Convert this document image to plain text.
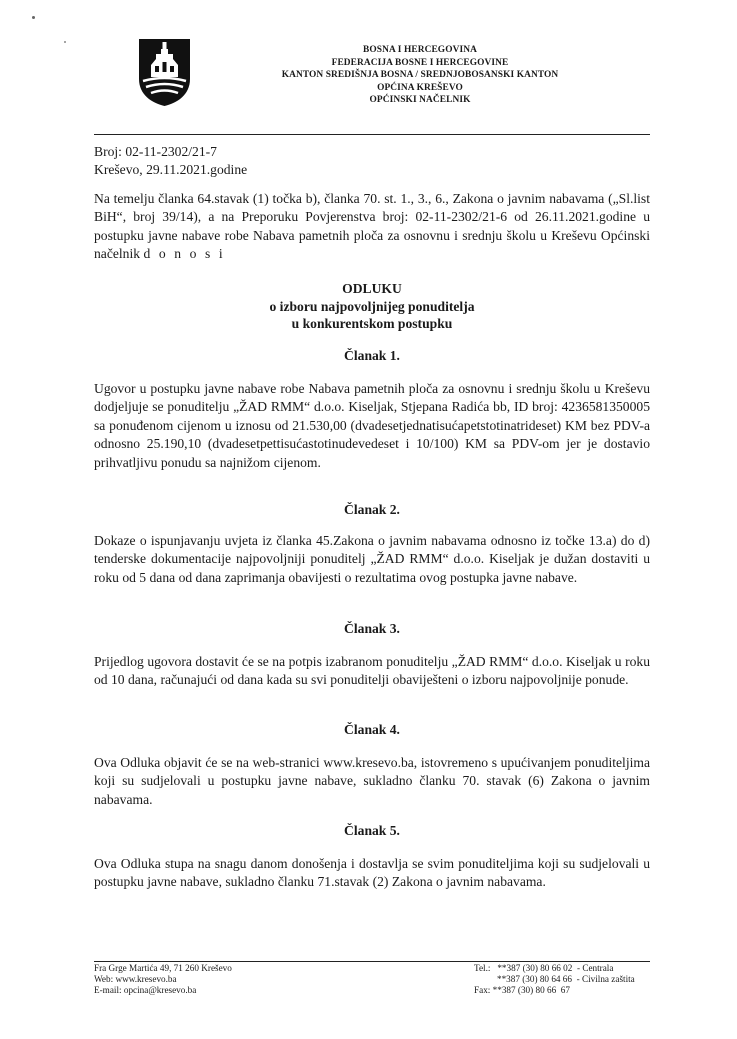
BOSNA I HERCEGOVINA
FEDERACIJA BOSNE I HERCEGOVINE
KANTON SREDIŠNJA BOSNA / SREDNJOBOSANSKI KANTON
OPĆINA KREŠEVO
OPĆINSKI NAČELNIK
Broj: 02-11-2302/21-7
Kreševo, 29.11.2021.godine

Na temelju članka 64.stavak (1) točka b), članka 70. st. 1., 3., 6., Zakona o javnim nabavama („Sl.list BiH“, broj 39/14), a na Preporuku Povjerenstva broj: 02-11-2302/21-6 od 26.11.2021.godine u postupku javne nabave robe Nabava pametnih ploča za osnovnu i srednju školu u Kreševu Općinski načelnik d o n o s i

ODLUKU
o izboru najpovoljnijeg ponuditelja
u konkurentskom postupku
Članak 1.

Ugovor u postupku javne nabave robe Nabava pametnih ploča za osnovnu i srednju školu u Kreševu dodjeljuje se ponuditelju „ŽAD RMM“ d.o.o. Kiseljak, Stjepana Radića bb, ID broj: 4236581350005 sa ponuđenom cijenom u iznosu od 21.530,00 (dvadesetjednatisućapetstotinatrideset) KM bez PDV-a odnosno 25.190,10 (dvadesetpettisućastotinudevedeset i 10/100) KM sa PDV-om jer je dostavio prihvatljivu ponudu sa najnižom cijenom.

Članak 2.

Dokaze o ispunjavanju uvjeta iz članka 45.Zakona o javnim nabavama odnosno iz točke 13.a) do d) tenderske dokumentacije najpovoljniji ponuditelj „ŽAD RMM“ d.o.o. Kiseljak je dužan dostaviti u roku od 5 dana od dana zaprimanja obavijesti o rezultatima ovog postupka javne nabave.

Članak 3.

Prijedlog ugovora dostavit će se na potpis izabranom ponuditelju „ŽAD RMM“ d.o.o. Kiseljak u roku od 10 dana, računajući od dana kada su svi ponuditelji obaviješteni o izboru najpovoljnije ponude.

Članak 4.

Ova Odluka objavit će se na web-stranici www.kresevo.ba, istovremeno s upućivanjem ponuditeljima koji su sudjelovali u postupku javne nabave, sukladno članku 70. stavak (6) Zakona o javnim nabavama.

Članak 5.

Ova Odluka stupa na snagu danom donošenja i dostavlja se svim ponuditeljima koji su sudjelovali u postupku javne nabave, sukladno članku 71.stavak (2) Zakona o javnim nabavama.

Fra Grge Martića 49, 71 260 Kreševo
Web: www.kresevo.ba
E-mail: opcina@kresevo.ba
Tel.:   **387 (30) 80 66 02  - Centrala
**387 (30) 80 64 66  - Civilna zaštita
Fax: **387 (30) 80 66  67
